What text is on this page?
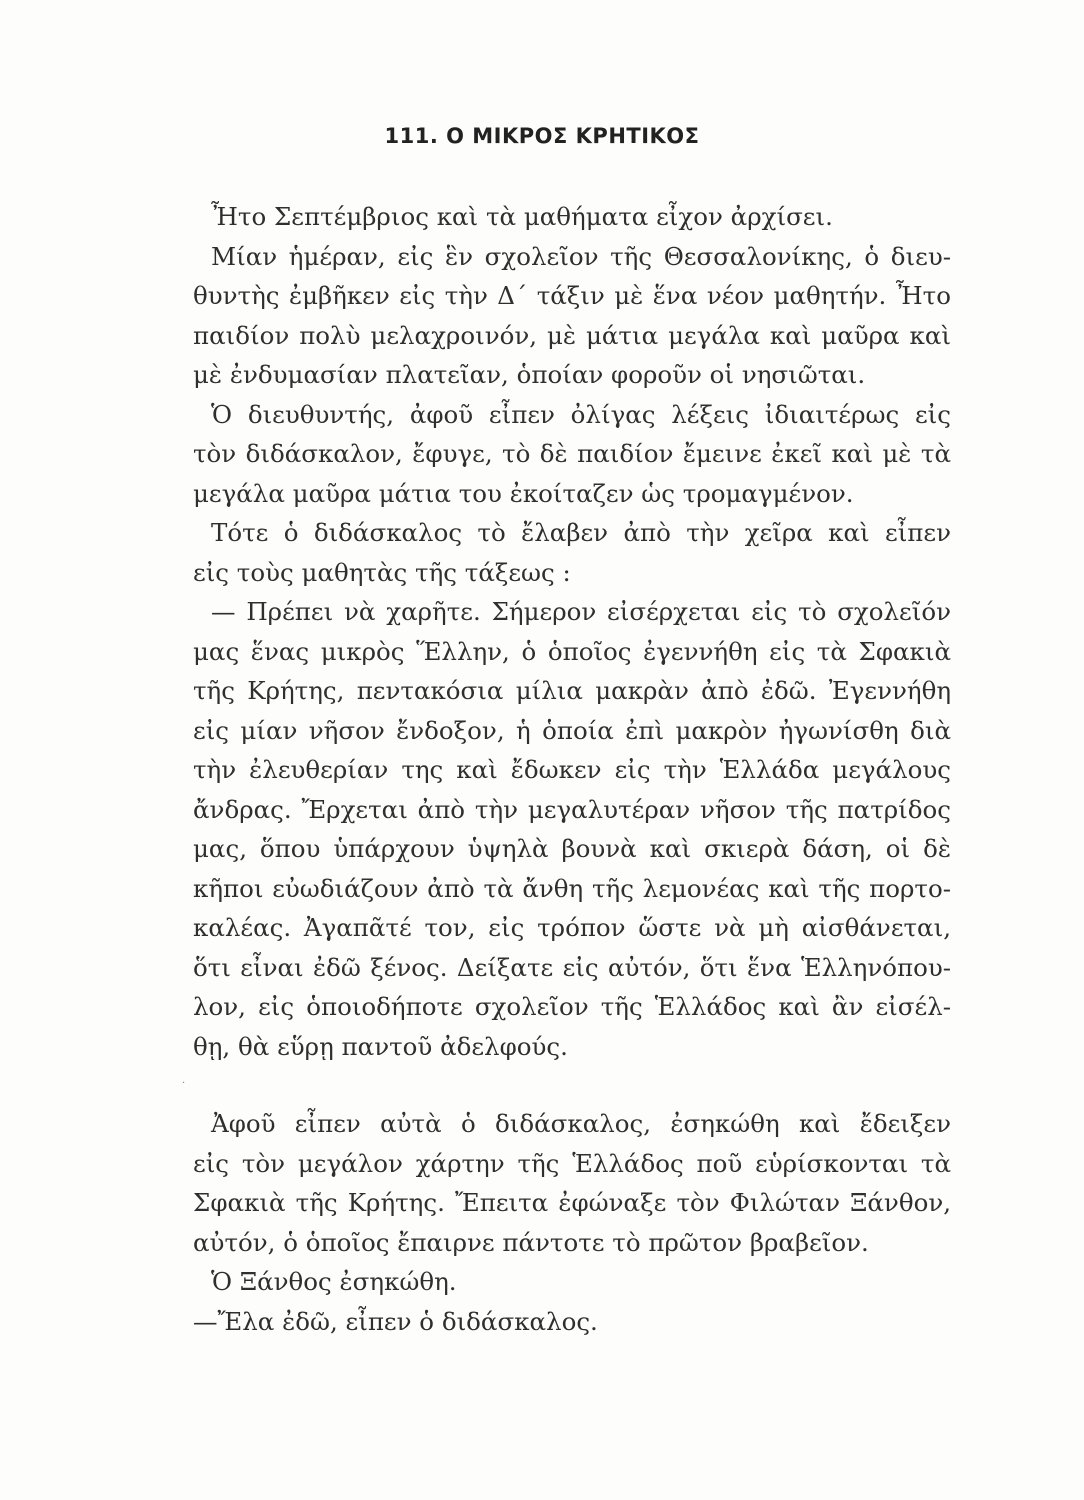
111. Ο ΜΙΚΡΟΣ ΚΡΗΤΙΚΟΣ
Ἦτο Σεπτέμβριος καὶ τὰ μαθήματα εἶχον ἀρχίσει.
Μίαν ἡμέραν, εἰς ἓν σχολεῖον τῆς Θεσσαλονίκης, ὁ διευ-
θυντὴς ἐμβῆκεν εἰς τὴν Δ΄ τάξιν μὲ ἕνα νέον μαθητήν. Ἦτο
παιδίον πολὺ μελαχροινόν, μὲ μάτια μεγάλα καὶ μαῦρα καὶ
μὲ ἐνδυμασίαν πλατεῖαν, ὁποίαν φοροῦν οἱ νησιῶται.
Ὁ διευθυντής, ἀφοῦ εἶπεν ὀλίγας λέξεις ἰδιαιτέρως εἰς
τὸν διδάσκαλον, ἔφυγε, τὸ δὲ παιδίον ἔμεινε ἐκεῖ καὶ μὲ τὰ
μεγάλα μαῦρα μάτια του ἐκοίταζεν ὡς τρομαγμένον.
Τότε ὁ διδάσκαλος τὸ ἔλαβεν ἀπὸ τὴν χεῖρα καὶ εἶπεν
εἰς τοὺς μαθητὰς τῆς τάξεως :
— Πρέπει νὰ χαρῆτε. Σήμερον εἰσέρχεται εἰς τὸ σχολεῖόν
μας ἕνας μικρὸς Ἕλλην, ὁ ὁποῖος ἐγεννήθη εἰς τὰ Σφακιὰ
τῆς Κρήτης, πεντακόσια μίλια μακρὰν ἀπὸ ἐδῶ. Ἐγεννήθη
εἰς μίαν νῆσον ἔνδοξον, ἡ ὁποία ἐπὶ μακρὸν ἠγωνίσθη διὰ
τὴν ἐλευθερίαν της καὶ ἔδωκεν εἰς τὴν Ἑλλάδα μεγάλους
ἄνδρας. Ἔρχεται ἀπὸ τὴν μεγαλυτέραν νῆσον τῆς πατρίδος
μας, ὅπου ὑπάρχουν ὑψηλὰ βουνὰ καὶ σκιερὰ δάση, οἱ δὲ
κῆποι εὐωδιάζουν ἀπὸ τὰ ἄνθη τῆς λεμονέας καὶ τῆς πορτο-
καλέας. Ἀγαπᾶτέ τον, εἰς τρόπον ὥστε νὰ μὴ αἰσθάνεται,
ὅτι εἶναι ἐδῶ ξένος. Δείξατε εἰς αὐτόν, ὅτι ἕνα Ἑλληνόπου-
λον, εἰς ὁποιοδήποτε σχολεῖον τῆς Ἑλλάδος καὶ ἂν εἰσέλ-
θῃ, θὰ εὕρῃ παντοῦ ἀδελφούς.
Ἀφοῦ εἶπεν αὐτὰ ὁ διδάσκαλος, ἐσηκώθη καὶ ἔδειξεν
εἰς τὸν μεγάλον χάρτην τῆς Ἑλλάδος ποῦ εὑρίσκονται τὰ
Σφακιὰ τῆς Κρήτης. Ἔπειτα ἐφώναξε τὸν Φιλώταν Ξάνθον,
αὐτόν, ὁ ὁποῖος ἔπαιρνε πάντοτε τὸ πρῶτον βραβεῖον.
Ὁ Ξάνθος ἐσηκώθη.
—Ἔλα ἐδῶ, εἶπεν ὁ διδάσκαλος.
·
